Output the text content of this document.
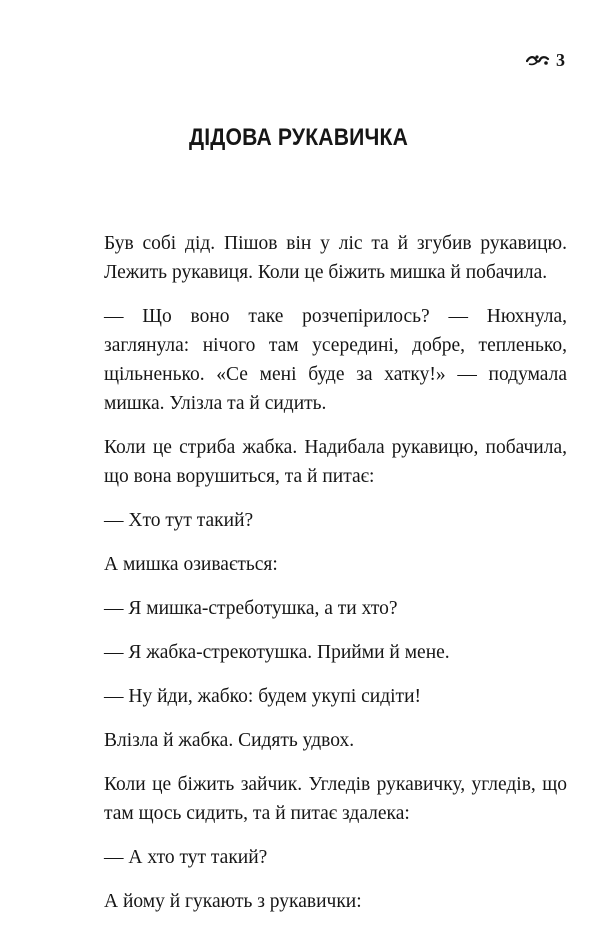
3
ДІДОВА РУКАВИЧКА

Був собі дід. Пішов він у ліс та й згубив рукавицю. Лежить рукавиця. Коли це біжить мишка й побачила.

— Що воно таке розчепірилось? — Нюхнула, заглянула: нічого там усередині, добре, тепленько, щільненько. «Се мені буде за хатку!» — подумала мишка. Улізла та й сидить.

Коли це стриба жабка. Надибала рукавицю, побачила, що вона ворушиться, та й питає:

— Хто тут такий?

А мишка озивається:

— Я мишка-стреботушка, а ти хто?

— Я жабка-стрекотушка. Прийми й мене.

— Ну йди, жабко: будем укупі сидіти!

Влізла й жабка. Сидять удвох.

Коли це біжить зайчик. Угледів рукавичку, угледів, що там щось сидить, та й питає здалека:

— А хто тут такий?

А йому й гукають з рукавички:
